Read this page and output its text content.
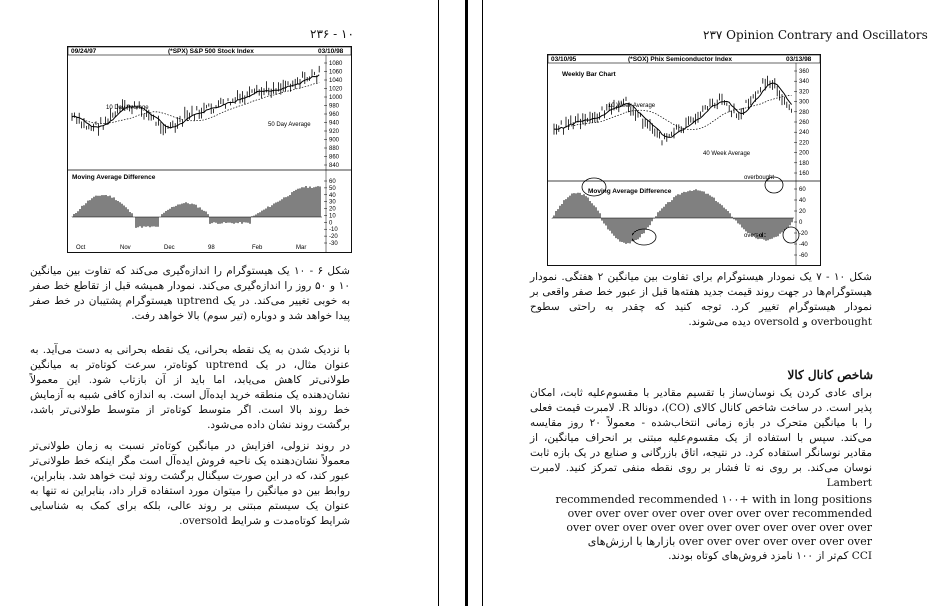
۱۰ - ۲۳۶
09/24/97	(*SPX) S&P 500 Stock Index	03/10/98
10 Day Average
50 Day Average
Moving Average Difference
1080
1060
1040
1020
1000
980
960
940
920
900
880
860
840
60
50
40
30
20
10
0
-10
-20
-30
Oct	Nov	Dec	98	Feb	Mar
شکل ۶ - ۱۰ یک هیستوگرام را اندازه‌گیری می‌کند که تفاوت بین میانگین ۱۰ و ۵۰ روز را اندازه‌گیری می‌کند. نمودار همیشه قبل از تقاطع خط صفر به خوبی تغییر می‌کند. در یک uptrend هیستوگرام پشتیبان در خط صفر پیدا خواهد شد و دوباره (تیر سوم) بالا خواهد رفت.

با نزدیک شدن به یک نقطه بحرانی، یک نقطه بحرانی به دست می‌آید. به عنوان مثال، در یک uptrend کوتاه‌تر، سرعت کوتاه‌تر به میانگین طولانی‌تر کاهش می‌یابد، اما باید از آن بازتاب شود. این معمولاً نشان‌دهنده یک منطقه خرید ایده‌آل است. به اندازه کافی شبیه به آزمایش خط روند بالا است. اگر متوسط کوتاه‌تر از متوسط طولانی‌تر باشد، برگشت روند نشان داده می‌شود.

در روند نزولی، افزایش در میانگین کوتاه‌تر نسبت به زمان طولانی‌تر معمولاً نشان‌دهنده یک ناحیه فروش ایده‌آل است مگر اینکه خط طولانی‌تر عبور کند، که در این صورت سیگنال برگشت روند ثبت خواهد شد. بنابراین، روابط بین دو میانگین را میتوان مورد استفاده قرار داد، بنابراین نه تنها به عنوان یک سیستم مبتنی بر روند عالی، بلکه برای کمک به شناسایی شرایط کوتاه‌مدت و شرایط oversold.

۲۳۷ Opinion Contrary and Oscillators
03/10/95	(*SOX) Phix Semiconductor Index	03/13/98
Weekly Bar Chart
10 Week Average
40 Week Average
Moving Average Difference
overbought
oversold
360
340
320
300
280
260
240
220
200
180
160
60
40
20
0
-20
-40
-60
شکل ۱۰ - ۷ یک نمودار هیستوگرام برای تفاوت بین میانگین ۲ هفتگی. نمودار هیستوگرام‌ها در جهت روند قیمت جدید هفته‌ها قبل از عبور خط صفر واقعی بر نمودار هیستوگرام تغییر کرد. توجه کنید که چقدر به راحتی سطوح overbought و oversold دیده می‌شوند.
شاخص کانال کالا
برای عادی کردن یک نوسان‌ساز با تقسیم مقادیر با مقسوم‌علیه ثابت، امکان پذیر است. در ساخت شاخص کانال کالای (CO)، دونالد R. لامبرت قیمت فعلی را با میانگین متحرک در بازه زمانی انتخاب‌شده - معمولاً ۲۰ روز مقایسه می‌کند. سپس با استفاده از یک مقسوم‌علیه مبتنی بر انحراف میانگین، از مقادیر نوسانگر استفاده کرد. در نتیجه، اتاق بازرگانی و صنایع در یک بازه ثابت نوسان می‌کند. بر روی نه تا فشار بر روی نقطه منفی تمرکز کنید. لامبرت Lambert
recommended recommended ۱۰۰+ with in long positions
over over over over over over over over recommended
over over over over over over over over over over over
over over over over over over over بازارها با ارزش‌های
CCI کم‌تر از ۱۰۰ نامزد فروش‌های کوتاه بودند.
